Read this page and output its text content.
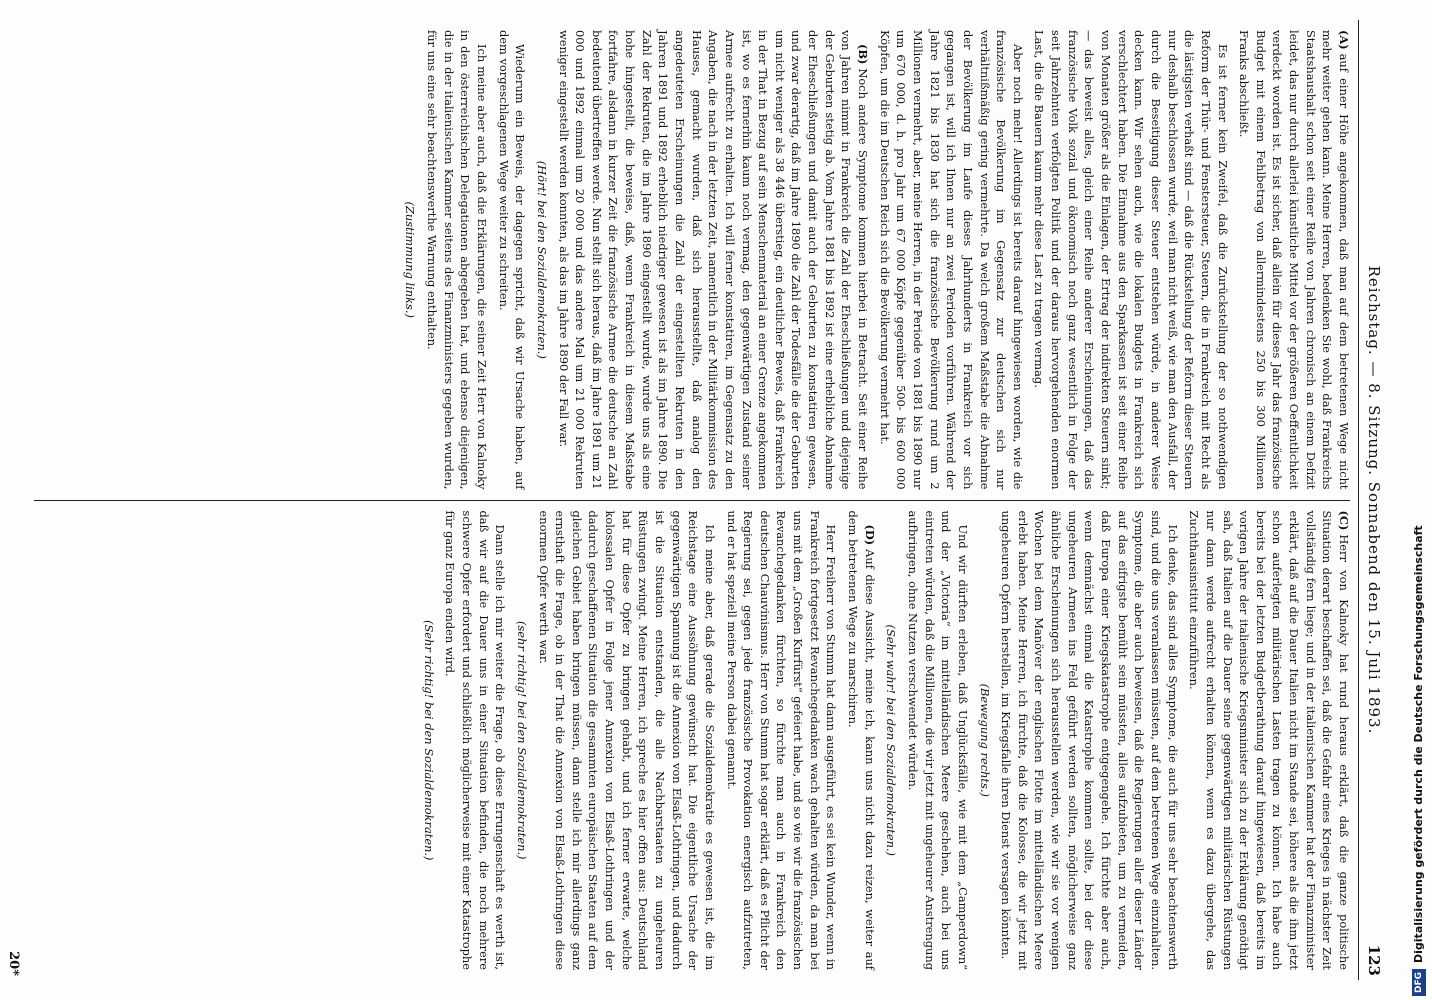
Reichstag. — 8. Sitzung. Sonnabend den 15. Juli 1893.
123

(A)auf einer Höhe angekommen, daß man auf dem betretenen Wege nicht mehr weiter gehen kann. Meine Herren, bedenken Sie wohl, daß Frankreichs Staatshaushalt schon seit einer Reihe von Jahren chronisch an einem Defizit leidet, das nur durch allerlei künstliche Mittel vor der größeren Oeffentlichkeit verdeckt worden ist. Es ist sicher, daß allein für dieses Jahr das französische Budget mit einem Fehlbetrag von allermindestens 250 bis 300 Millionen Franks abschließt.

Es ist ferner kein Zweifel, daß die Zurückstellung der so nothwendigen Reform der Thür- und Fenstersteuer, Steuern, die in Frankreich mit Recht als die lästigsten verhaßt sind — daß die Rückstellung der Reform dieser Steuern nur deshalb beschlossen wurde, weil man nicht weiß, wie man den Ausfall, der durch die Beseitigung dieser Steuer entstehen würde, in anderer Weise decken kann. Wir sehen auch, wie die lokalen Budgets in Frankreich sich verschlechtert haben. Die Einnahme aus den Sparkassen ist seit einer Reihe von Monaten größer als die Einlagen, der Ertrag der indirekten Steuern sinkt; — das beweist alles, gleich einer Reihe anderer Erscheinungen, daß das französische Volk sozial und ökonomisch noch ganz wesentlich in Folge der seit Jahrzehnten verfolgten Politik und der daraus hervorgehenden enormen Last, die die Bauern kaum mehr diese Last zu tragen vermag.

Aber noch mehr! Allerdings ist bereits darauf hingewiesen worden, wie die französische Bevölkerung im Gegensatz zur deutschen sich nur verhältnißmäßig gering vermehrte. Da welch großem Maßstabe die Abnahme der Bevölkerung im Laufe dieses Jahrhunderts in Frankreich vor sich gegangen ist, will ich Ihnen nur an zwei Perioden vorführen. Während der Jahre 1821 bis 1830 hat sich die französische Bevölkerung rund um 2 Millionen vermehrt, aber, meine Herren, in der Periode von 1881 bis 1890 nur um 670 000, d. h. pro Jahr um 67 000 Köpfe gegenüber 500- bis 600 000 Köpfen, um die im Deutschen Reich sich die Bevölkerung vermehrt hat.

(B)Noch andere Symptome kommen hierbei in Betracht. Seit einer Reihe von Jahren nimmt in Frankreich die Zahl der Eheschließungen und diejenige der Geburten stetig ab. Vom Jahre 1881 bis 1892 ist eine erhebliche Abnahme der Eheschließungen und damit auch der Geburten zu konstatiren gewesen, und zwar derartig, daß im Jahre 1890 die Zahl der Todesfälle die der Geburten um nicht weniger als 38 446 überstieg, ein deutlicher Beweis, daß Frankreich in der That in Bezug auf sein Menschenmaterial an einer Grenze angekommen ist, wo es fernerhin kaum noch vermag, den gegenwärtigen Zustand seiner Armee aufrecht zu erhalten. Ich will ferner konstatiren, im Gegensatz zu den Angaben, die nach in der letzten Zeit, namentlich in der Militärkommission des Hauses, gemacht wurden, daß sich herausstellte, daß analog den angedeuteten Erscheinungen die Zahl der eingestellten Rekruten in den Jahren 1891 und 1892 erheblich niedriger gewesen ist als im Jahre 1890. Die Zahl der Rekruten, die im Jahre 1890 eingestellt wurde, wurde uns als eine hohe hingestellt, die beweise, daß, wenn Frankreich in diesem Maßstabe fortfahre, alsdann in kurzer Zeit die französische Armee die deutsche an Zahl bedeutend übertreffen werde. Nun stellt sich heraus, daß im Jahre 1891 um 21 000 und 1892 einmal um 20 000 und das andere Mal um 21 000 Rekruten weniger eingestellt werden konnten, als das im Jahre 1890 der Fall war.

(Hört! bei den Sozialdemokraten.)

Wiederum ein Beweis, der dagegen spricht, daß wir Ursache haben, auf dem vorgeschlagenen Wege weiter zu schreiten.

Ich meine aber auch, daß die Erklärungen, die seiner Zeit Herr von Kalnoky in den österreichischen Delegationen abgegeben hat, und ebenso diejenigen, die in der italienischen Kammer seitens des Finanzministers gegeben wurden, für uns eine sehr beachtenswerthe Warnung enthalten.

(Zustimmung links.)

(C)Herr von Kalnoky hat rund heraus erklärt, daß die ganze politische Situation derart beschaffen sei, daß die Gefahr eines Krieges in nächster Zeit vollständig fern liege; und in der italienischen Kammer hat der Finanzminister erklärt, daß auf die Dauer Italien nicht im Stande sei, höhere als die ihm jetzt schon auferlegten militärischen Lasten tragen zu können. Ich habe auch bereits bei der letzten Budgetberathung darauf hingewiesen, daß bereits im vorigen Jahre der italienische Kriegsminister sich zu der Erklärung genöthigt sah, daß Italien auf die Dauer seine gegenwärtigen militärischen Rüstungen nur dann werde aufrecht erhalten können, wenn es dazu übergehe, das Zuchthausinstitut einzuführen.

Ich denke, das sind alles Symptome, die auch für uns sehr beachtenswerth sind, und die uns veranlassen müssten, auf dem betretenen Wege einzuhalten. Symptome, die aber auch beweisen, daß die Regierungen aller dieser Länder auf das eifrigste bemüht sein müssten, alles aufzubieten, um zu vermeiden, daß Europa einer Kriegskatastrophe entgegengehe. Ich fürchte aber auch, wenn demnächst einmal die Katastrophe kommen sollte, bei der diese ungeheuren Armeen ins Feld geführt werden sollten, möglicherweise ganz ähnliche Erscheinungen sich herausstellen werden, wie wir sie vor wenigen Wochen bei dem Manöver der englischen Flotte im mittelländischen Meere erlebt haben. Meine Herren, ich fürchte, daß die Kolosse, die wir jetzt mit ungeheuren Opfern herstellen, im Kriegsfalle ihren Dienst versagen könnten.

(Bewegung rechts.)

Und wir dürften erleben, daß Unglücksfälle, wie mit dem „Camperdown“ und der „Victoria“ im mittelländischen Meere geschehen, auch bei uns eintreten würden, daß die Millionen, die wir jetzt mit ungeheurer Anstrengung aufbringen, ohne Nutzen verschwendet würden.

(Sehr wahr! bei den Sozialdemokraten.)

(D)Auf diese Aussicht, meine ich, kann uns nicht dazu reizen, weiter auf dem betretenen Wege zu marschiren.

Herr Freiherr von Stumm hat dann ausgeführt, es sei kein Wunder, wenn in Frankreich fortgesetzt Revanchegedanken wach gehalten würden, da man bei uns mit dem „Großen Kurfürst“ gefeiert habe, und so wie wir die französischen Revanchegedanken fürchten, so fürchte man auch in Frankreich den deutschen Chauvinismus. Herr von Stumm hat sogar erklärt, daß es Pflicht der Regierung sei, gegen jede französische Provokation energisch aufzutreten, und er hat speziell meine Person dabei genannt.

Ich meine aber, daß gerade die Sozialdemokratie es gewesen ist, die im Reichstage eine Aussöhnung gewünscht hat. Die eigentliche Ursache der gegenwärtigen Spannung ist die Annexion von Elsaß-Lothringen, und dadurch ist die Situation entstanden, die alle Nachbarstaaten zu ungeheuren Rüstungen zwingt. Meine Herren, ich spreche es hier offen aus: Deutschland hat für diese Opfer zu bringen gehabt, und ich ferner erwarte, welche kolossalen Opfer in Folge jener Annexion von Elsaß-Lothringen und der dadurch geschaffenen Situation die gesammten europäischen Staaten auf dem gleichen Gebiet haben bringen müssen, dann stelle ich mir allerdings ganz ernsthaft die Frage, ob in der That die Annexion von Elsaß-Lothringen diese enormen Opfer werth war.

(sehr richtig! bei den Sozialdemokraten.)

Dann stelle ich mir weiter die Frage, ob diese Errungenschaft es werth ist, daß wir auf die Dauer uns in einer Situation befinden, die noch mehrere schwere Opfer erfordert und schließlich möglicherweise mit einer Katastrophe für ganz Europa enden wird.

(Sehr richtig! bei den Sozialdemokraten.)

20*
DFGDigitalisierung gefördert durch die Deutsche Forschungsgemeinschaft
